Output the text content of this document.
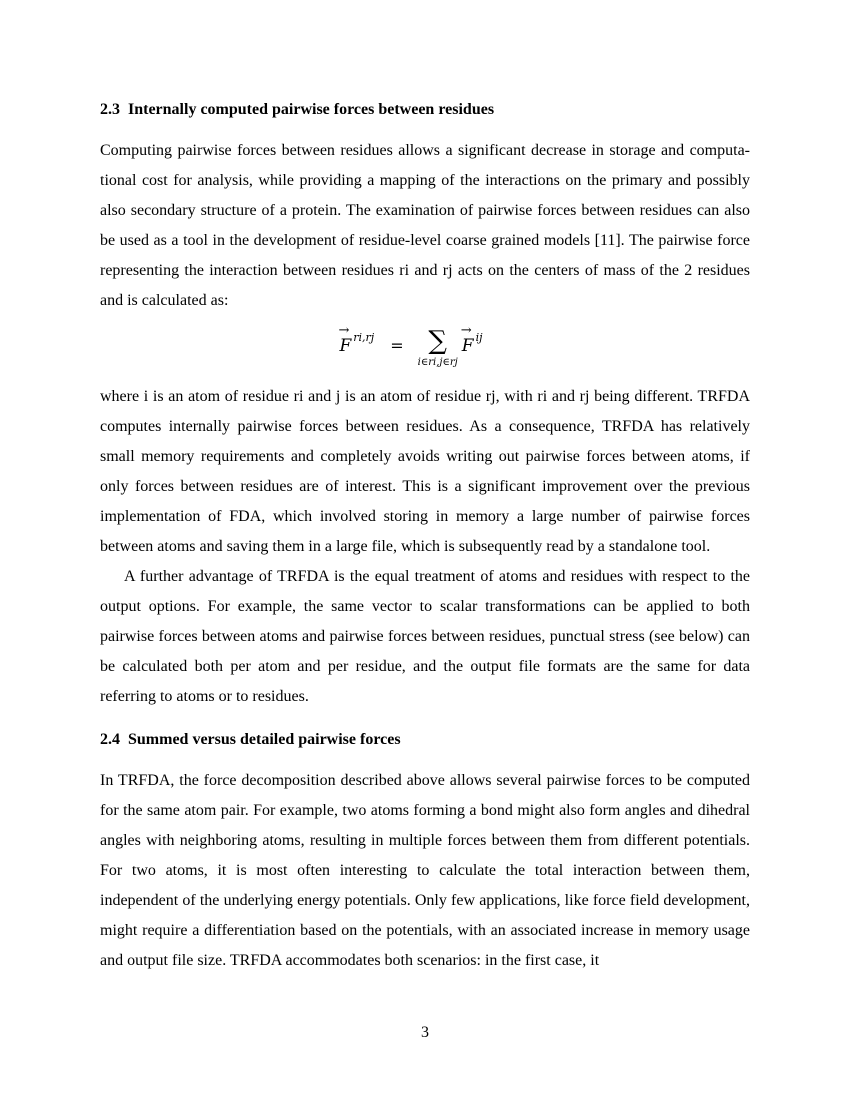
2.3 Internally computed pairwise forces between residues

Computing pairwise forces between residues allows a significant decrease in storage and computational cost for analysis, while providing a mapping of the interactions on the primary and possibly also secondary structure of a protein. The examination of pairwise forces between residues can also be used as a tool in the development of residue-level coarse grained models [11]. The pairwise force representing the interaction between residues ri and rj acts on the centers of mass of the 2 residues and is calculated as:

→
F ri,rj = ∑
i∈ri,j∈rj
→
F ij

where i is an atom of residue ri and j is an atom of residue rj, with ri and rj being different. TRFDA computes internally pairwise forces between residues. As a consequence, TRFDA has relatively small memory requirements and completely avoids writing out pairwise forces between atoms, if only forces between residues are of interest. This is a significant improvement over the previous implementation of FDA, which involved storing in memory a large number of pairwise forces between atoms and saving them in a large file, which is subsequently read by a standalone tool.

A further advantage of TRFDA is the equal treatment of atoms and residues with respect to the output options. For example, the same vector to scalar transformations can be applied to both pairwise forces between atoms and pairwise forces between residues, punctual stress (see below) can be calculated both per atom and per residue, and the output file formats are the same for data referring to atoms or to residues.

2.4 Summed versus detailed pairwise forces

In TRFDA, the force decomposition described above allows several pairwise forces to be computed for the same atom pair. For example, two atoms forming a bond might also form angles and dihedral angles with neighboring atoms, resulting in multiple forces between them from different potentials. For two atoms, it is most often interesting to calculate the total interaction between them, independent of the underlying energy potentials. Only few applications, like force field development, might require a differentiation based on the potentials, with an associated increase in memory usage and output file size. TRFDA accommodates both scenarios: in the first case, it

3
